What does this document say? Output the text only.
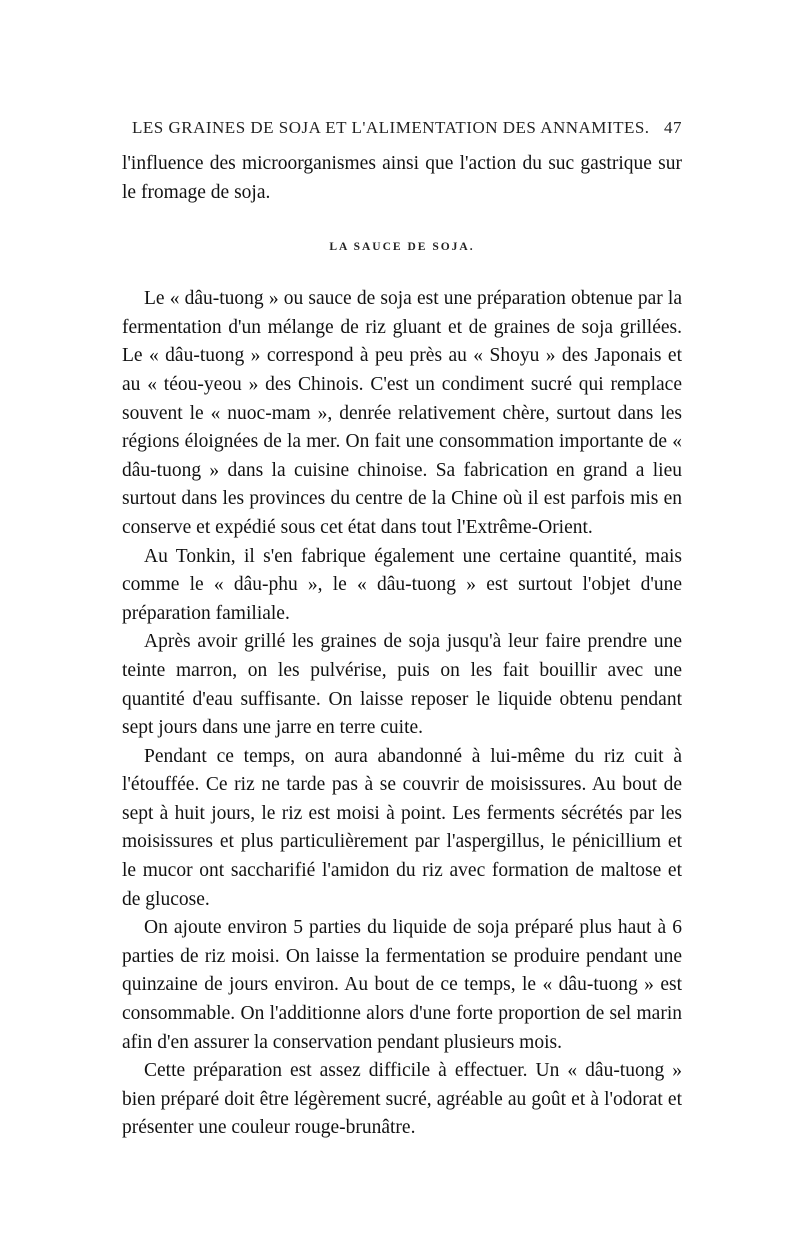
LES GRAINES DE SOJA ET L'ALIMENTATION DES ANNAMITES. 47

l'influence des microorganismes ainsi que l'action du suc gastrique sur le fromage de soja.

LA SAUCE DE SOJA.

Le « dâu-tuong » ou sauce de soja est une préparation obtenue par la fermentation d'un mélange de riz gluant et de graines de soja grillées. Le « dâu-tuong » correspond à peu près au « Shoyu » des Japonais et au « téou-yeou » des Chinois. C'est un condiment sucré qui remplace souvent le « nuoc-mam », denrée relativement chère, surtout dans les régions éloignées de la mer. On fait une consommation importante de « dâu-tuong » dans la cuisine chinoise. Sa fabrication en grand a lieu surtout dans les provinces du centre de la Chine où il est parfois mis en conserve et expédié sous cet état dans tout l'Extrême-Orient.

Au Tonkin, il s'en fabrique également une certaine quantité, mais comme le « dâu-phu », le « dâu-tuong » est surtout l'objet d'une préparation familiale.

Après avoir grillé les graines de soja jusqu'à leur faire prendre une teinte marron, on les pulvérise, puis on les fait bouillir avec une quantité d'eau suffisante. On laisse reposer le liquide obtenu pendant sept jours dans une jarre en terre cuite.

Pendant ce temps, on aura abandonné à lui-même du riz cuit à l'étouffée. Ce riz ne tarde pas à se couvrir de moisissures. Au bout de sept à huit jours, le riz est moisi à point. Les ferments sécrétés par les moisissures et plus particulièrement par l'aspergillus, le pénicillium et le mucor ont saccharifié l'amidon du riz avec formation de maltose et de glucose.

On ajoute environ 5 parties du liquide de soja préparé plus haut à 6 parties de riz moisi. On laisse la fermentation se produire pendant une quinzaine de jours environ. Au bout de ce temps, le « dâu-tuong » est consommable. On l'additionne alors d'une forte proportion de sel marin afin d'en assurer la conservation pendant plusieurs mois.

Cette préparation est assez difficile à effectuer. Un « dâu-tuong » bien préparé doit être légèrement sucré, agréable au goût et à l'odorat et présenter une couleur rouge-brunâtre.
